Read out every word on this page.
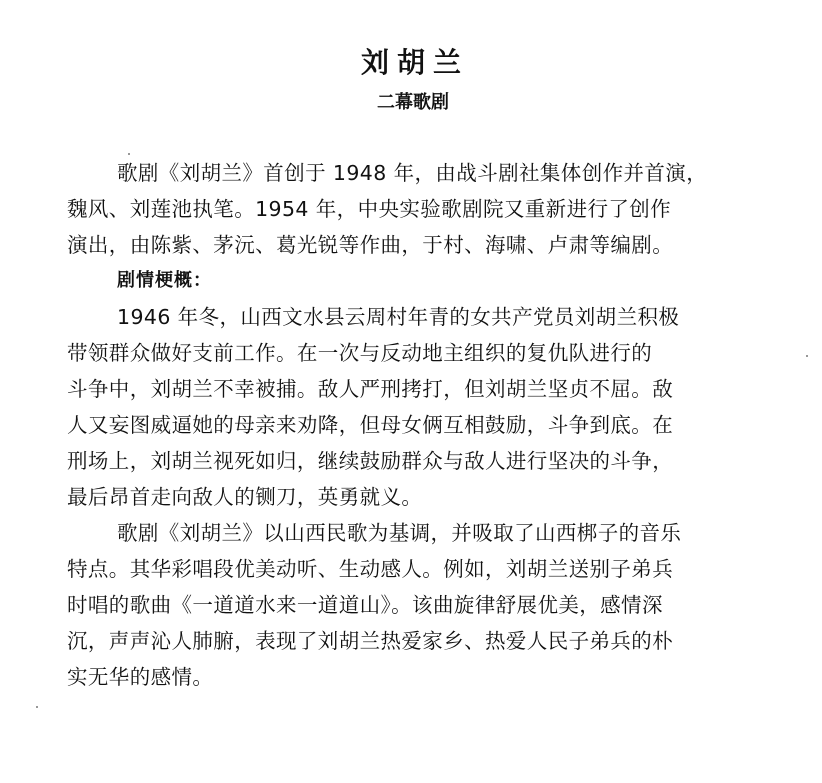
刘胡兰
二幕歌剧
歌剧《刘胡兰》首创于 1948 年，由战斗剧社集体创作并首演，
魏风、刘莲池执笔。1954 年，中央实验歌剧院又重新进行了创作
演出，由陈紫、茅沅、葛光锐等作曲，于村、海啸、卢肃等编剧。
剧情梗概：
1946 年冬，山西文水县云周村年青的女共产党员刘胡兰积极
带领群众做好支前工作。在一次与反动地主组织的复仇队进行的
斗争中，刘胡兰不幸被捕。敌人严刑拷打，但刘胡兰坚贞不屈。敌
人又妄图威逼她的母亲来劝降，但母女俩互相鼓励，斗争到底。在
刑场上，刘胡兰视死如归，继续鼓励群众与敌人进行坚决的斗争，
最后昂首走向敌人的铡刀，英勇就义。
歌剧《刘胡兰》以山西民歌为基调，并吸取了山西梆子的音乐
特点。其华彩唱段优美动听、生动感人。例如，刘胡兰送别子弟兵
时唱的歌曲《一道道水来一道道山》。该曲旋律舒展优美，感情深
沉，声声沁人肺腑，表现了刘胡兰热爱家乡、热爱人民子弟兵的朴
实无华的感情。
